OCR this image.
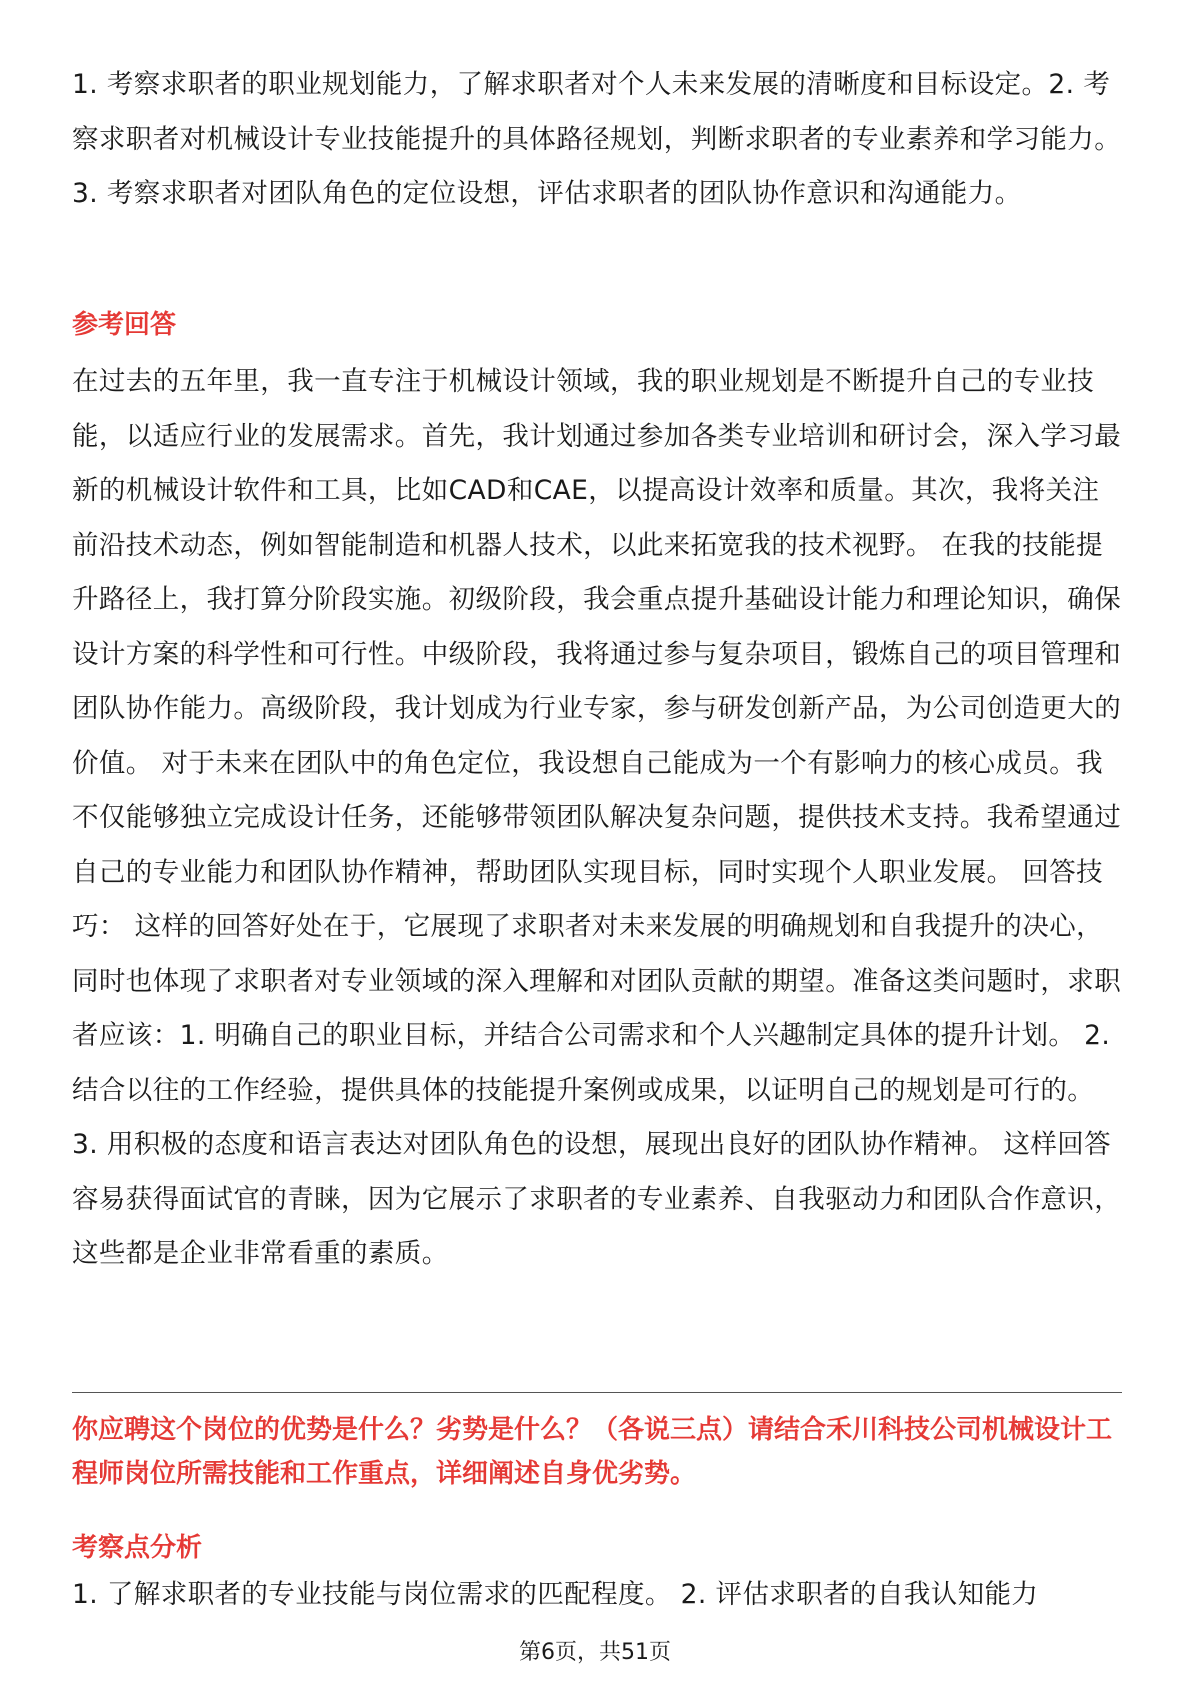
1. 考察求职者的职业规划能力，了解求职者对个人未来发展的清晰度和目标设定。2. 考察求职者对机械设计专业技能提升的具体路径规划，判断求职者的专业素养和学习能力。 3. 考察求职者对团队角色的定位设想，评估求职者的团队协作意识和沟通能力。

参考回答

在过去的五年里，我一直专注于机械设计领域，我的职业规划是不断提升自己的专业技能，以适应行业的发展需求。首先，我计划通过参加各类专业培训和研讨会，深入学习最新的机械设计软件和工具，比如CAD和CAE，以提高设计效率和质量。其次，我将关注前沿技术动态，例如智能制造和机器人技术，以此来拓宽我的技术视野。 在我的技能提升路径上，我打算分阶段实施。初级阶段，我会重点提升基础设计能力和理论知识，确保设计方案的科学性和可行性。中级阶段，我将通过参与复杂项目，锻炼自己的项目管理和团队协作能力。高级阶段，我计划成为行业专家，参与研发创新产品，为公司创造更大的价值。 对于未来在团队中的角色定位，我设想自己能成为一个有影响力的核心成员。我不仅能够独立完成设计任务，还能够带领团队解决复杂问题，提供技术支持。我希望通过自己的专业能力和团队协作精神，帮助团队实现目标，同时实现个人职业发展。 回答技巧： 这样的回答好处在于，它展现了求职者对未来发展的明确规划和自我提升的决心，同时也体现了求职者对专业领域的深入理解和对团队贡献的期望。准备这类问题时，求职者应该：1. 明确自己的职业目标，并结合公司需求和个人兴趣制定具体的提升计划。 2. 结合以往的工作经验，提供具体的技能提升案例或成果，以证明自己的规划是可行的。 3. 用积极的态度和语言表达对团队角色的设想，展现出良好的团队协作精神。 这样回答容易获得面试官的青睐，因为它展示了求职者的专业素养、自我驱动力和团队合作意识，这些都是企业非常看重的素质。

你应聘这个岗位的优势是什么？劣势是什么？（各说三点）请结合禾川科技公司机械设计工程师岗位所需技能和工作重点，详细阐述自身优劣势。

考察点分析

1. 了解求职者的专业技能与岗位需求的匹配程度。 2. 评估求职者的自我认知能力

第6页，共51页
